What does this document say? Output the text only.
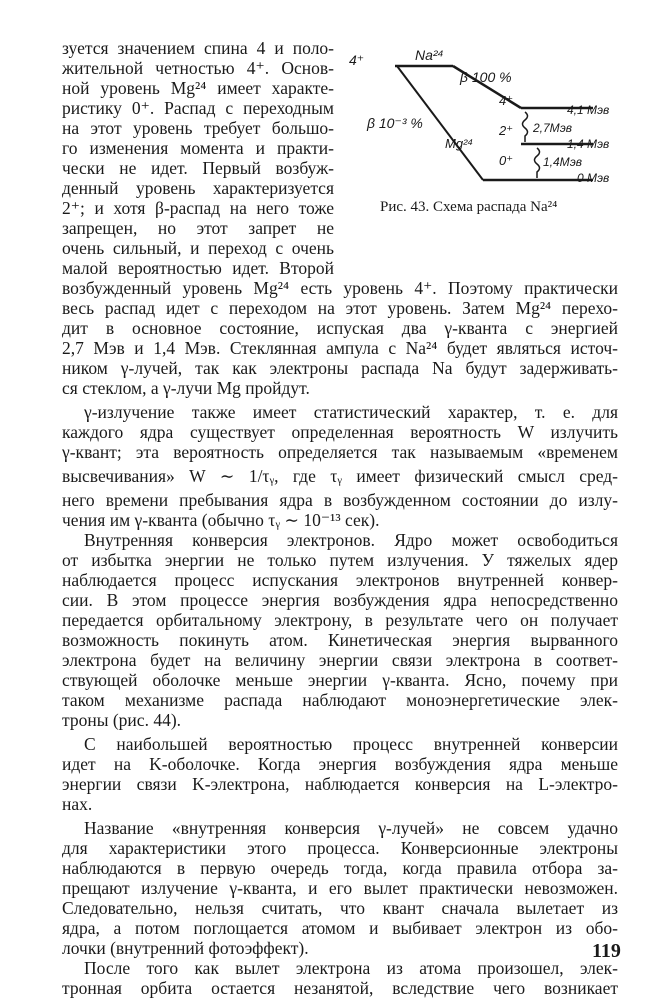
4⁺	Na²⁴
β 100 %
β 10⁻³ %
4⁺
2⁺
Mg²⁴
0⁺
2,7Мэв
1,4Мэв
4,1 Мэв
1,4 Мэв
0 Мэв
Рис. 43. Схема распада Na²⁴
зуется значением спина 4 и поло-
жительной четностью 4⁺. Основ-
ной уровень Mg²⁴ имеет характе-
ристику 0⁺. Распад с переходным
на этот уровень требует большо-
го изменения момента и практи-
чески не идет. Первый возбуж-
денный уровень характеризуется
2⁺; и хотя β-распад на него тоже
запрещен, но этот запрет не
очень сильный, и переход с очень
малой вероятностью идет. Второй
возбужденный уровень Mg²⁴ есть уровень 4⁺. Поэтому практически
весь распад идет с переходом на этот уровень. Затем Mg²⁴ перехо-
дит в основное состояние, испуская два γ-кванта с энергией
2,7 Мэв и 1,4 Мэв. Стеклянная ампула с Na²⁴ будет являться источ-
ником γ-лучей, так как электроны распада Na будут задерживать-
ся стеклом, а γ-лучи Mg пройдут.
γ-излучение также имеет статистический характер, т. е. для
каждого ядра существует определенная вероятность W излучить
γ-квант; эта вероятность определяется так называемым «временем
высвечивания» W ∼ 1/τᵧ, где τᵧ имеет физический смысл сред-
него времени пребывания ядра в возбужденном состоянии до излу-
чения им γ-кванта (обычно τᵧ ∼ 10⁻¹³ сек).
Внутренняя конверсия электронов. Ядро может освободиться
от избытка энергии не только путем излучения. У тяжелых ядер
наблюдается процесс испускания электронов внутренней конвер-
сии. В этом процессе энергия возбуждения ядра непосредственно
передается орбитальному электрону, в результате чего он получает
возможность покинуть атом. Кинетическая энергия вырванного
электрона будет на величину энергии связи электрона в соответ-
ствующей оболочке меньше энергии γ-кванта. Ясно, почему при
таком механизме распада наблюдают моноэнергетические элек-
троны (рис. 44).
С наибольшей вероятностью процесс внутренней конверсии
идет на K-оболочке. Когда энергия возбуждения ядра меньше
энергии связи K-электрона, наблюдается конверсия на L-электро-
нах.
Название «внутренняя конверсия γ-лучей» не совсем удачно
для характеристики этого процесса. Конверсионные электроны
наблюдаются в первую очередь тогда, когда правила отбора за-
прещают излучение γ-кванта, и его вылет практически невозможен.
Следовательно, нельзя считать, что квант сначала вылетает из
ядра, а потом поглощается атомом и выбивает электрон из обо-
лочки (внутренний фотоэффект).
После того как вылет электрона из атома произошел, элек-
тронная орбита остается незанятой, вследствие чего возникает
119
